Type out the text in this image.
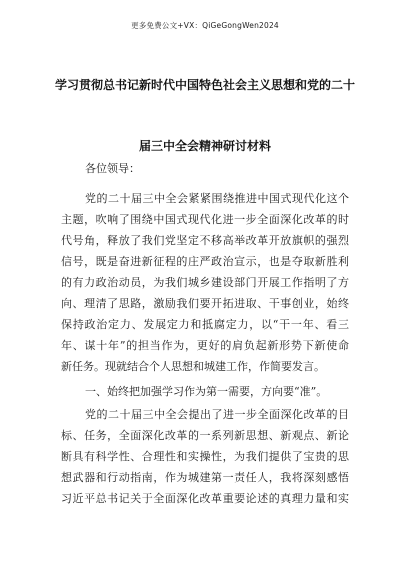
更多免费公文+VX：QiGeGongWen2024
学习贯彻总书记新时代中国特色社会主义思想和党的二十
届三中全会精神研讨材料
各位领导：
党的二十届三中全会紧紧围绕推进中国式现代化这个
主题，吹响了围绕中国式现代化进一步全面深化改革的时
代号角，释放了我们党坚定不移高举改革开放旗帜的强烈
信号，既是奋进新征程的庄严政治宣示，也是夺取新胜利
的有力政治动员，为我们城乡建设部门开展工作指明了方
向、理清了思路，激励我们要开拓进取、干事创业，始终
保持政治定力、发展定力和抵腐定力，以“干一年、看三
年、谋十年”的担当作为，更好的肩负起新形势下新使命
新任务。现就结合个人思想和城建工作，作简要发言。
一、始终把加强学习作为第一需要，方向要“准”。
党的二十届三中全会提出了进一步全面深化改革的目
标、任务，全面深化改革的一系列新思想、新观点、新论
断具有科学性、合理性和实操性，为我们提供了宝贵的思
想武器和行动指南，作为城建第一责任人，我将深刻感悟
习近平总书记关于全面深化改革重要论述的真理力量和实
